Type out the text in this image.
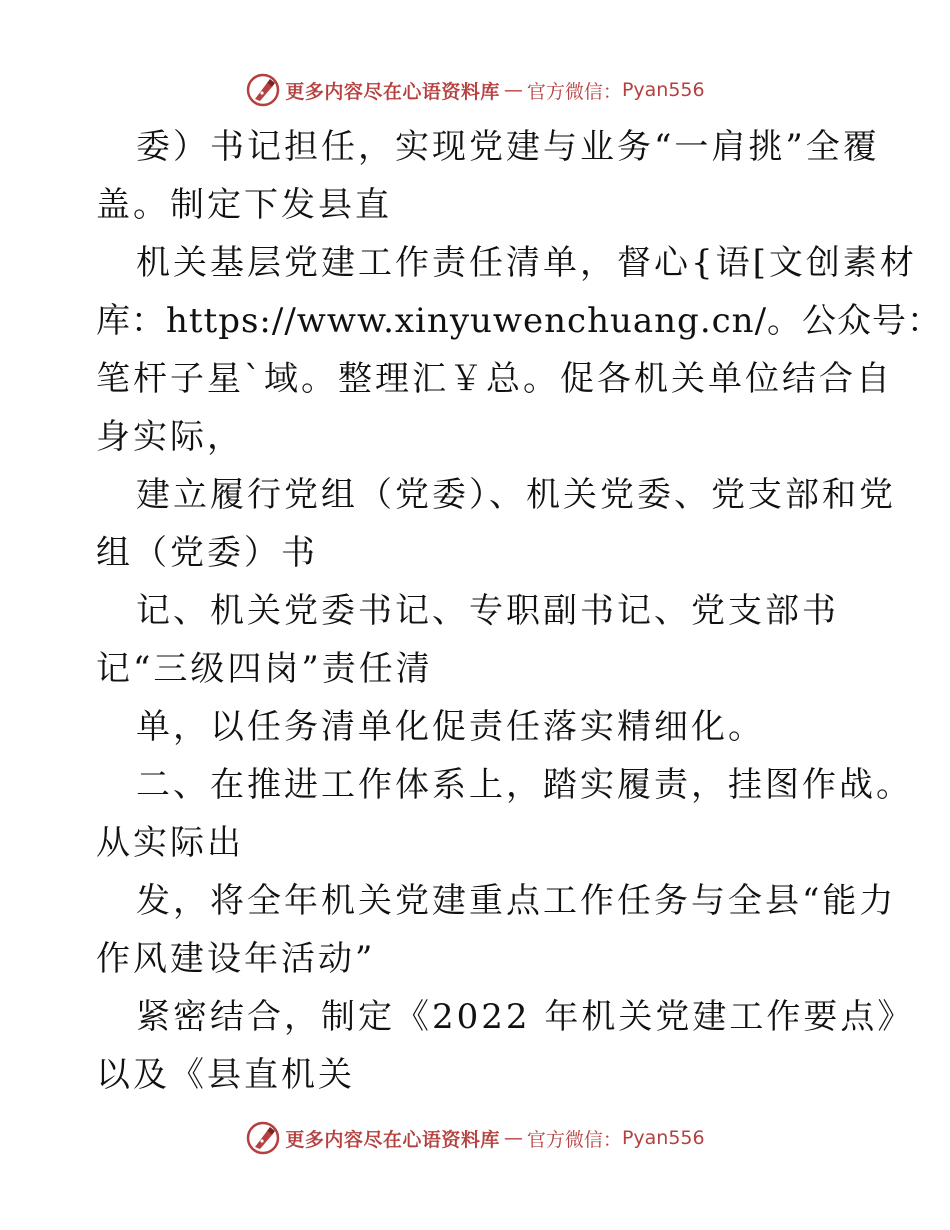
更多内容尽在心语资料库 — 官方微信： Pyan556
委）书记担任，实现党建与业务“一肩挑”全覆
盖。制定下发县直
机关基层党建工作责任清单，督心{语[文创素材
库：https://www.xinyuwenchuang.cn/。公众号：
笔杆子星`域。整理汇￥总。促各机关单位结合自
身实际，
建立履行党组（党委）、机关党委、党支部和党
组（党委）书
记、机关党委书记、专职副书记、党支部书
记“三级四岗”责任清
单，以任务清单化促责任落实精细化。
二、在推进工作体系上，踏实履责，挂图作战。
从实际出
发，将全年机关党建重点工作任务与全县“能力
作风建设年活动”
紧密结合，制定《2022 年机关党建工作要点》
以及《县直机关
更多内容尽在心语资料库 — 官方微信： Pyan556
